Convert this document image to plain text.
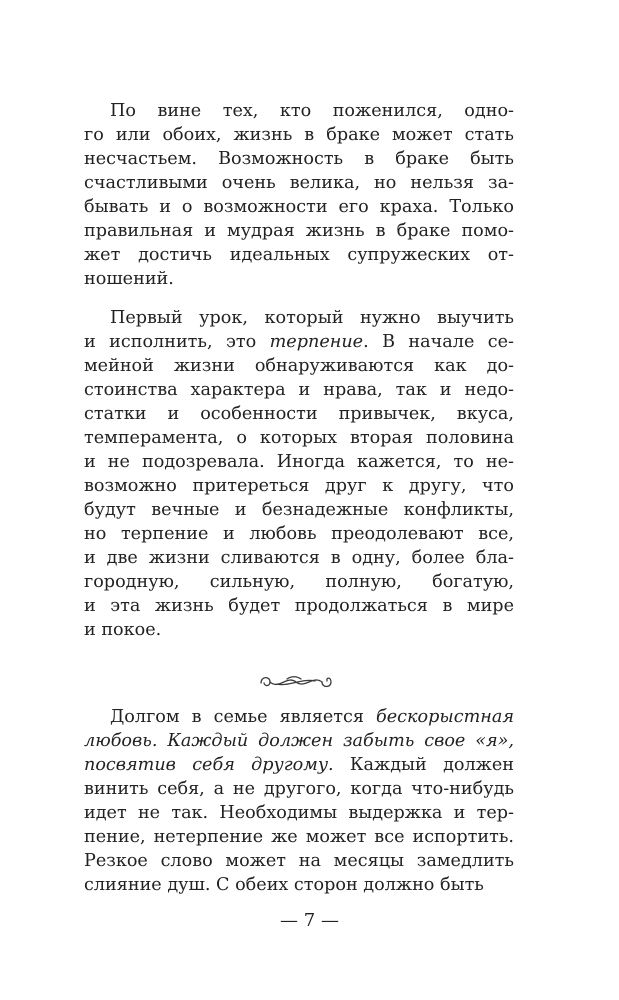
По вине тех, кто поженился, одно-
го или обоих, жизнь в браке может стать
несчастьем. Возможность в браке быть
счастливыми очень велика, но нельзя за-
бывать и о возможности его краха. Только
правильная и мудрая жизнь в браке помо-
жет достичь идеальных супружеских от-
ношений.
Первый урок, который нужно выучить
и исполнить, это терпение. В начале се-
мейной жизни обнаруживаются как до-
стоинства характера и нрава, так и недо-
статки и особенности привычек, вкуса,
темперамента, о которых вторая половина
и не подозревала. Иногда кажется, то не-
возможно притереться друг к другу, что
будут вечные и безнадежные конфликты,
но терпение и любовь преодолевают все,
и две жизни сливаются в одну, более бла-
городную, сильную, полную, богатую,
и эта жизнь будет продолжаться в мире
и покое.
Долгом в семье является бескорыстная
любовь. Каждый должен забыть свое «я»,
посвятив себя другому. Каждый должен
винить себя, а не другого, когда что-нибудь
идет не так. Необходимы выдержка и тер-
пение, нетерпение же может все испортить.
Резкое слово может на месяцы замедлить
слияние душ. С обеих сторон должно быть
— 7 —
